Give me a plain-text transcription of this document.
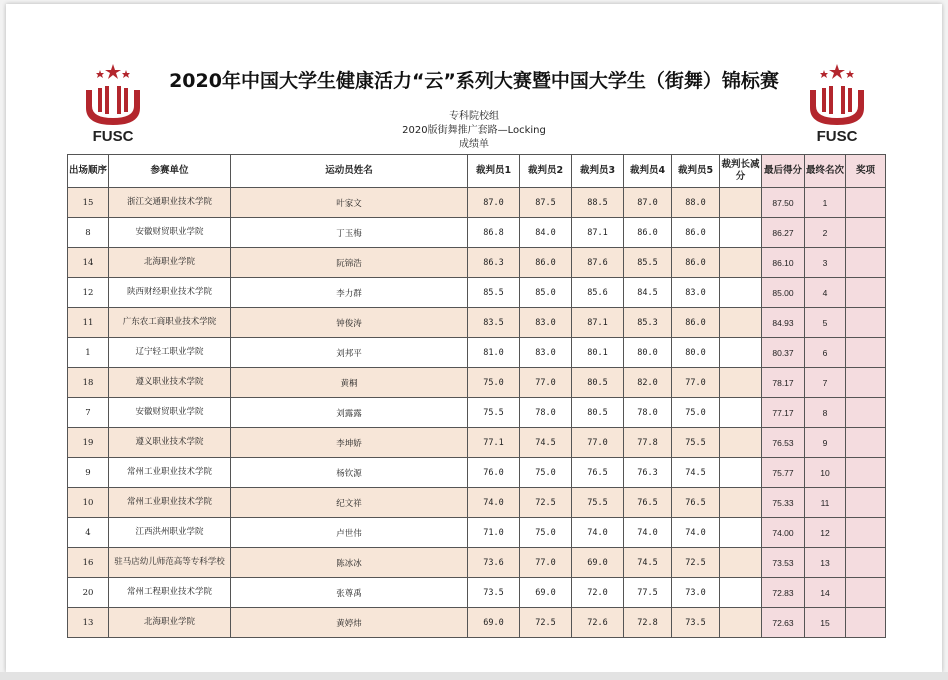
FUSC	FUSC
2020年中国大学生健康活力“云”系列大赛暨中国大学生（街舞）锦标赛
专科院校组
2020版街舞推广套路—Locking
成绩单
出场顺序	参赛单位	运动员姓名	裁判员1	裁判员2	裁判员3	裁判员4	裁判员5	裁判长减分	最后得分	最终名次	奖项
15	浙江交通职业技术学院	叶家文	87.0	87.5	88.5	87.0	88.0		87.50	1	
8	安徽财贸职业学院	丁玉梅	86.8	84.0	87.1	86.0	86.0		86.27	2	
14	北海职业学院	阮锦浩	86.3	86.0	87.6	85.5	86.0		86.10	3	
12	陕西财经职业技术学院	李力群	85.5	85.0	85.6	84.5	83.0		85.00	4	
11	广东农工商职业技术学院	钟俊涛	83.5	83.0	87.1	85.3	86.0		84.93	5	
1	辽宁轻工职业学院	刘邦平	81.0	83.0	80.1	80.0	80.0		80.37	6	
18	遵义职业技术学院	黄桐	75.0	77.0	80.5	82.0	77.0		78.17	7	
7	安徽财贸职业学院	刘露露	75.5	78.0	80.5	78.0	75.0		77.17	8	
19	遵义职业技术学院	李坤娇	77.1	74.5	77.0	77.8	75.5		76.53	9	
9	常州工业职业技术学院	杨钦源	76.0	75.0	76.5	76.3	74.5		75.77	10	
10	常州工业职业技术学院	纪文祥	74.0	72.5	75.5	76.5	76.5		75.33	11	
4	江西洪州职业学院	卢世伟	71.0	75.0	74.0	74.0	74.0		74.00	12	
16	驻马店幼儿师范高等专科学校	陈冰冰	73.6	77.0	69.0	74.5	72.5		73.53	13	
20	常州工程职业技术学院	张尊禹	73.5	69.0	72.0	77.5	73.0		72.83	14	
13	北海职业学院	黄婷炜	69.0	72.5	72.6	72.8	73.5		72.63	15	
